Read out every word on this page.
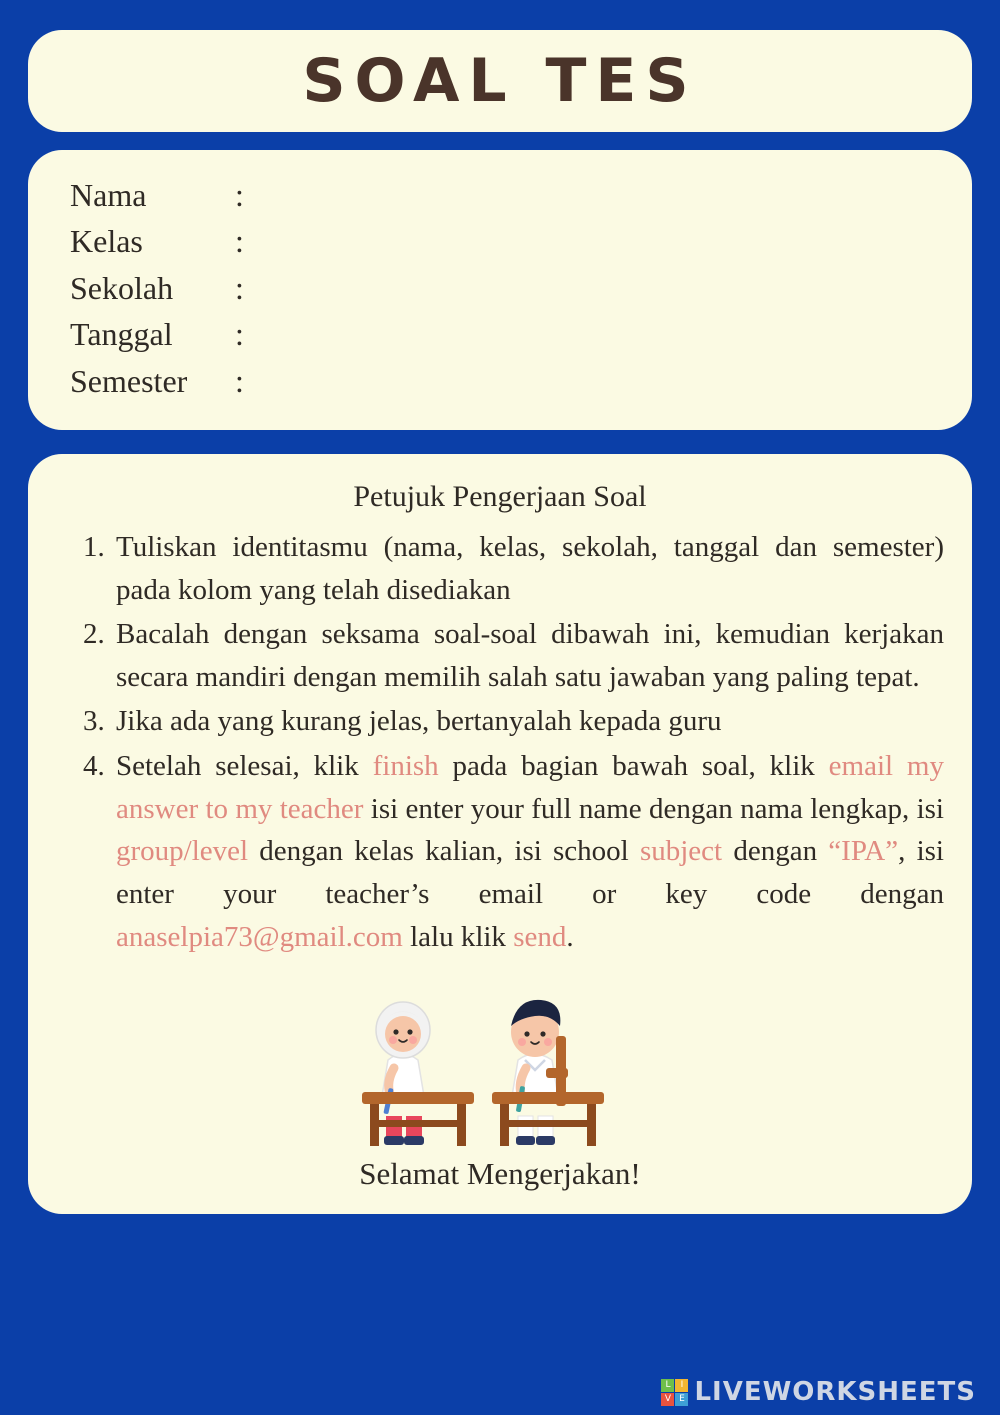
SOAL TES
Nama	:
Kelas	:
Sekolah	:
Tanggal	:
Semester	:
Petujuk Pengerjaan Soal
1. Tuliskan identitasmu (nama, kelas, sekolah, tanggal dan semester) pada kolom yang telah disediakan
2. Bacalah dengan seksama soal-soal dibawah ini, kemudian kerjakan secara mandiri dengan memilih salah satu jawaban yang paling tepat.
3. Jika ada yang kurang jelas, bertanyalah kepada guru
4. Setelah selesai, klik finish pada bagian bawah soal, klik email my answer to my teacher isi enter your full name dengan nama lengkap, isi group/level dengan kelas kalian, isi school subject dengan “IPA”, isi enter your teacher’s email or key code dengan anaselpia73@gmail.com lalu klik send.
Selamat Mengerjakan!
L	I
V E LIVEWORKSHEETS
